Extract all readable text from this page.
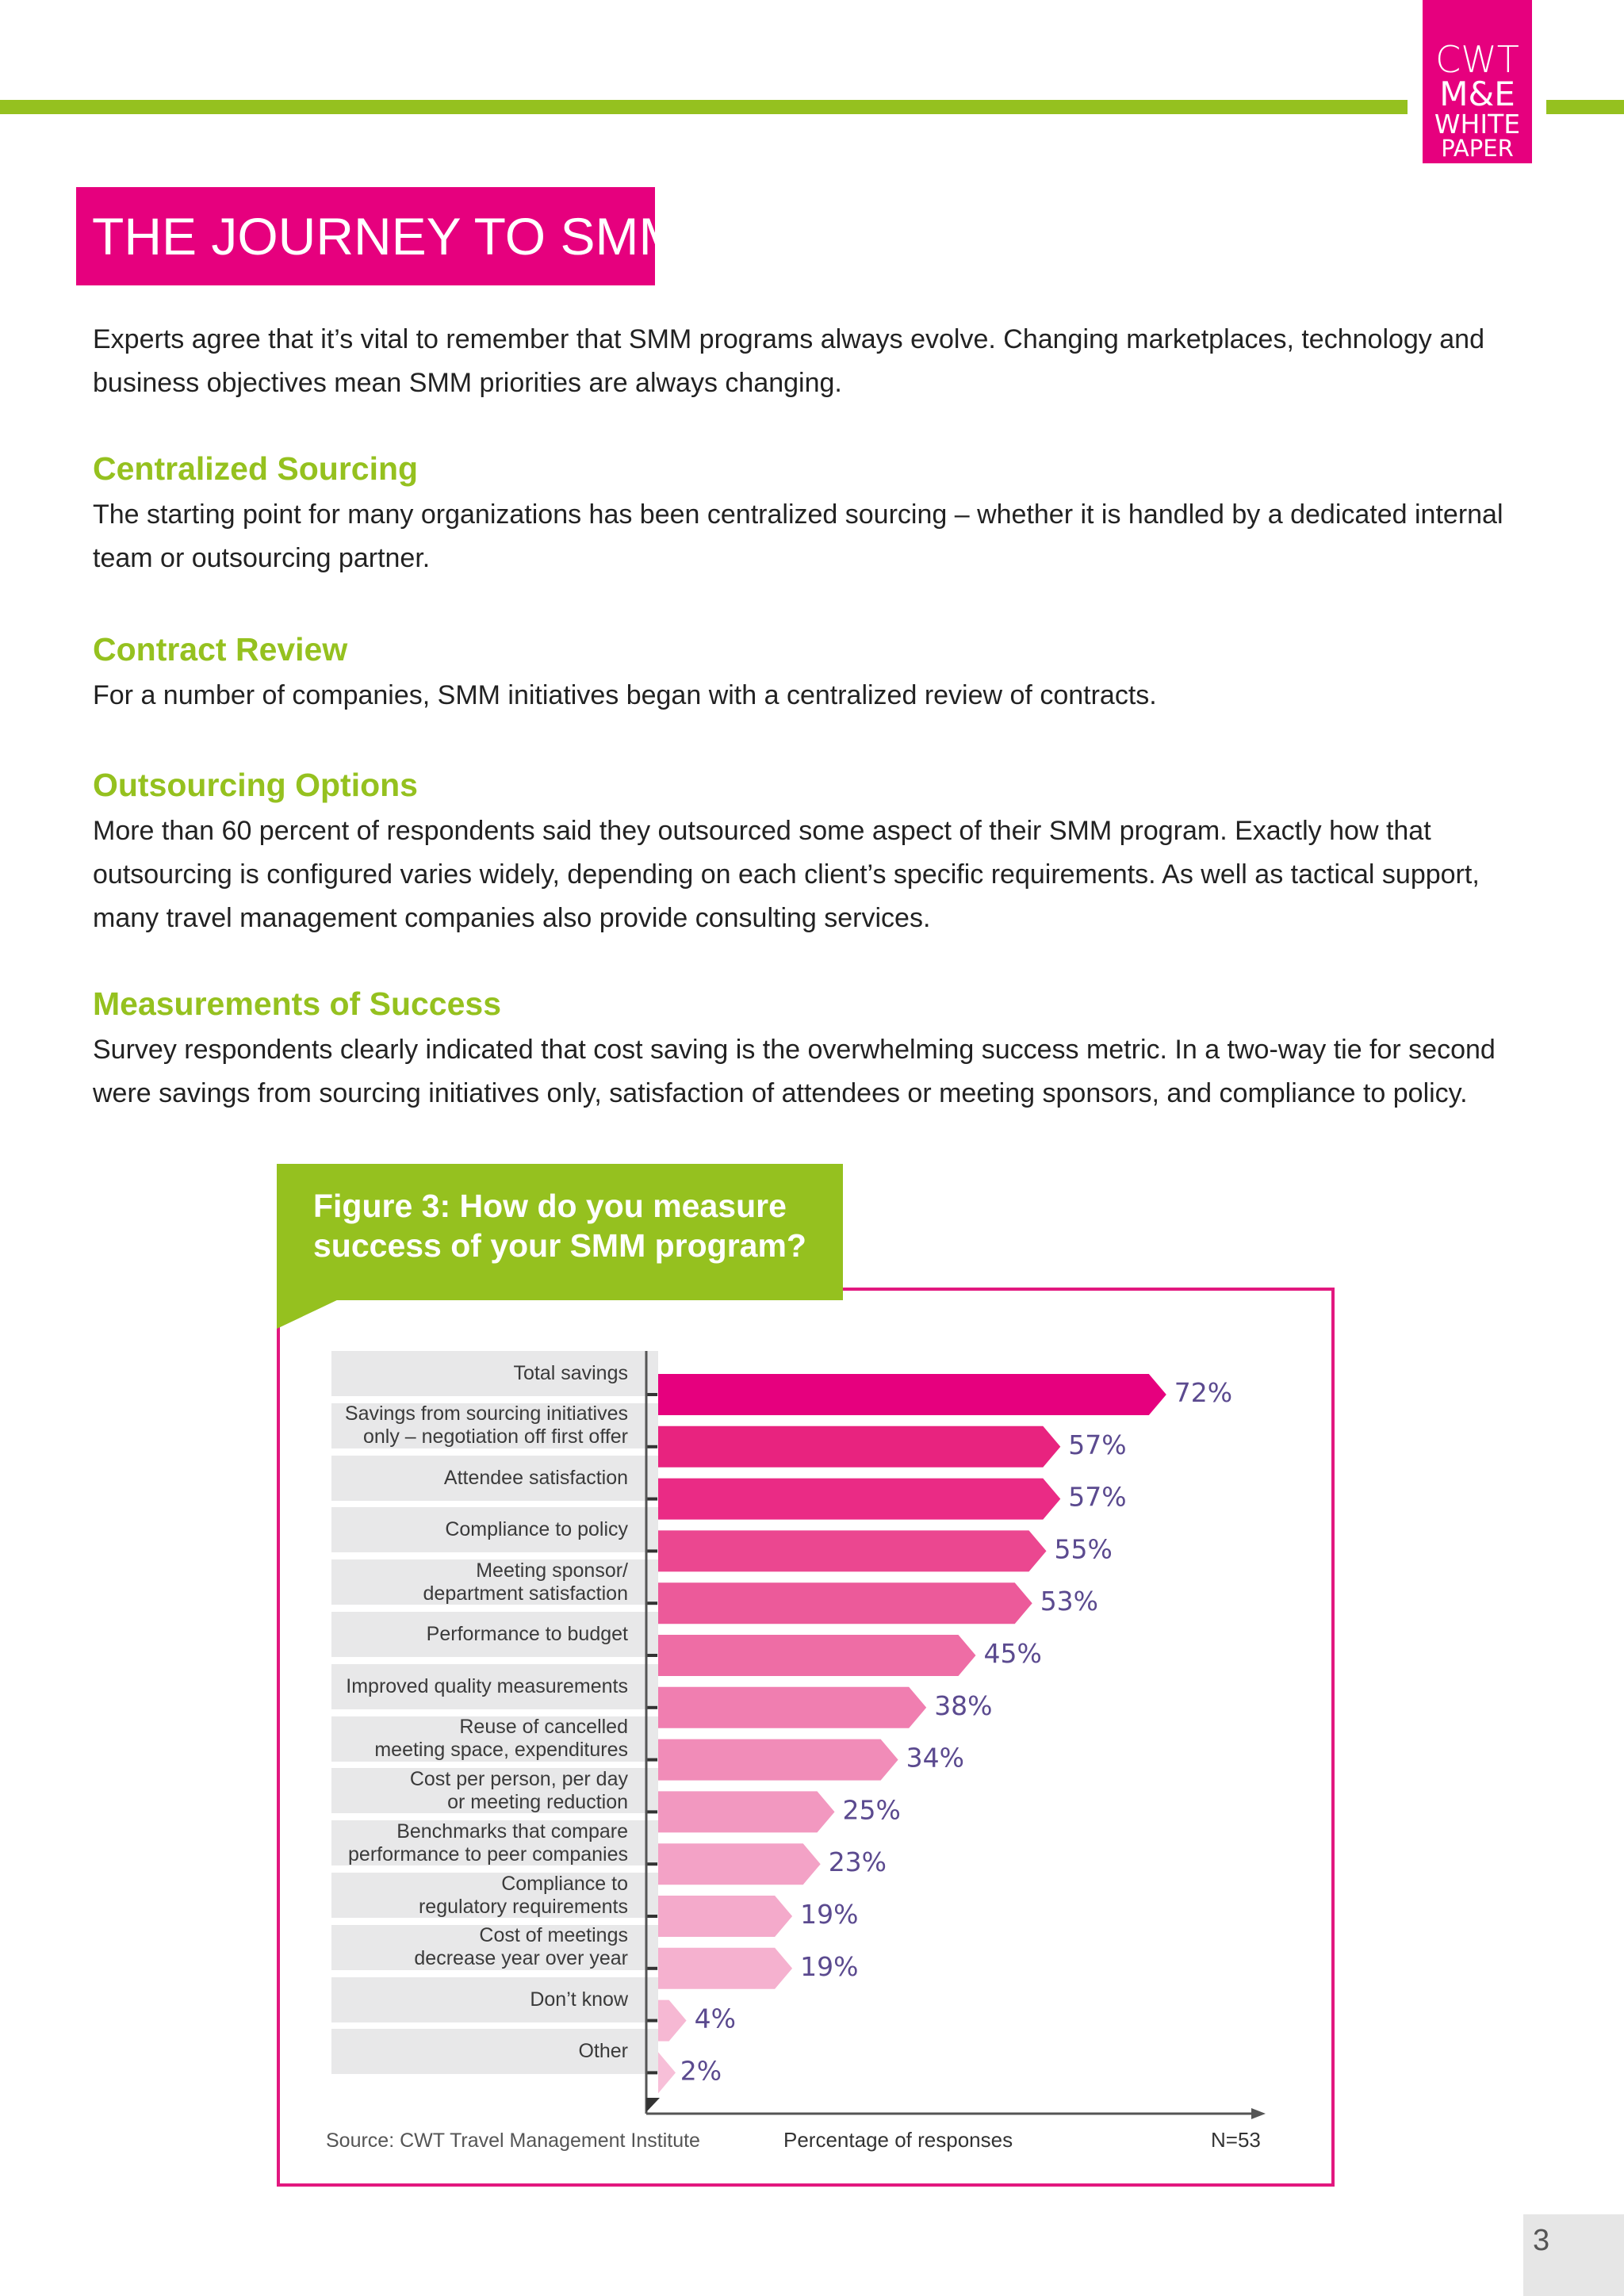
CWT
M&E
WHITE
PAPER
THE JOURNEY TO SMM

Experts agree that it’s vital to remember that SMM programs always evolve. Changing marketplaces, technology and business objectives mean SMM priorities are always changing.

Centralized Sourcing

The starting point for many organizations has been centralized sourcing – whether it is handled by a dedicated internal team or outsourcing partner.

Contract Review

For a number of companies, SMM initiatives began with a centralized review of contracts.

Outsourcing Options

More than 60 percent of respondents said they outsourced some aspect of their SMM program. Exactly how that outsourcing is configured varies widely, depending on each client’s specific requirements. As well as tactical support, many travel management companies also provide consulting services.

Measurements of Success

Survey respondents clearly indicated that cost saving is the overwhelming success metric. In a two-way tie for second were savings from sourcing initiatives only, satisfaction of attendees or meeting sponsors, and compliance to policy.

Figure 3: How do you measure
success of your SMM program?
Total savings
Savings from sourcing initiatives
only – negotiation off first offer
Attendee satisfaction
Compliance to policy
Meeting sponsor/
department satisfaction
Performance to budget
Improved quality measurements
Reuse of cancelled
meeting space, expenditures
Cost per person, per day
or meeting reduction
Benchmarks that compare
performance to peer companies
Compliance to
regulatory requirements
Cost of meetings
decrease year over year
Don’t know
Other
72%
57%
57%
55%
53%
45%
38%
34%
25%
23%
19%
19%
4%
2%
Source: CWT Travel Management Institute	Percentage of responses	N=53
3
